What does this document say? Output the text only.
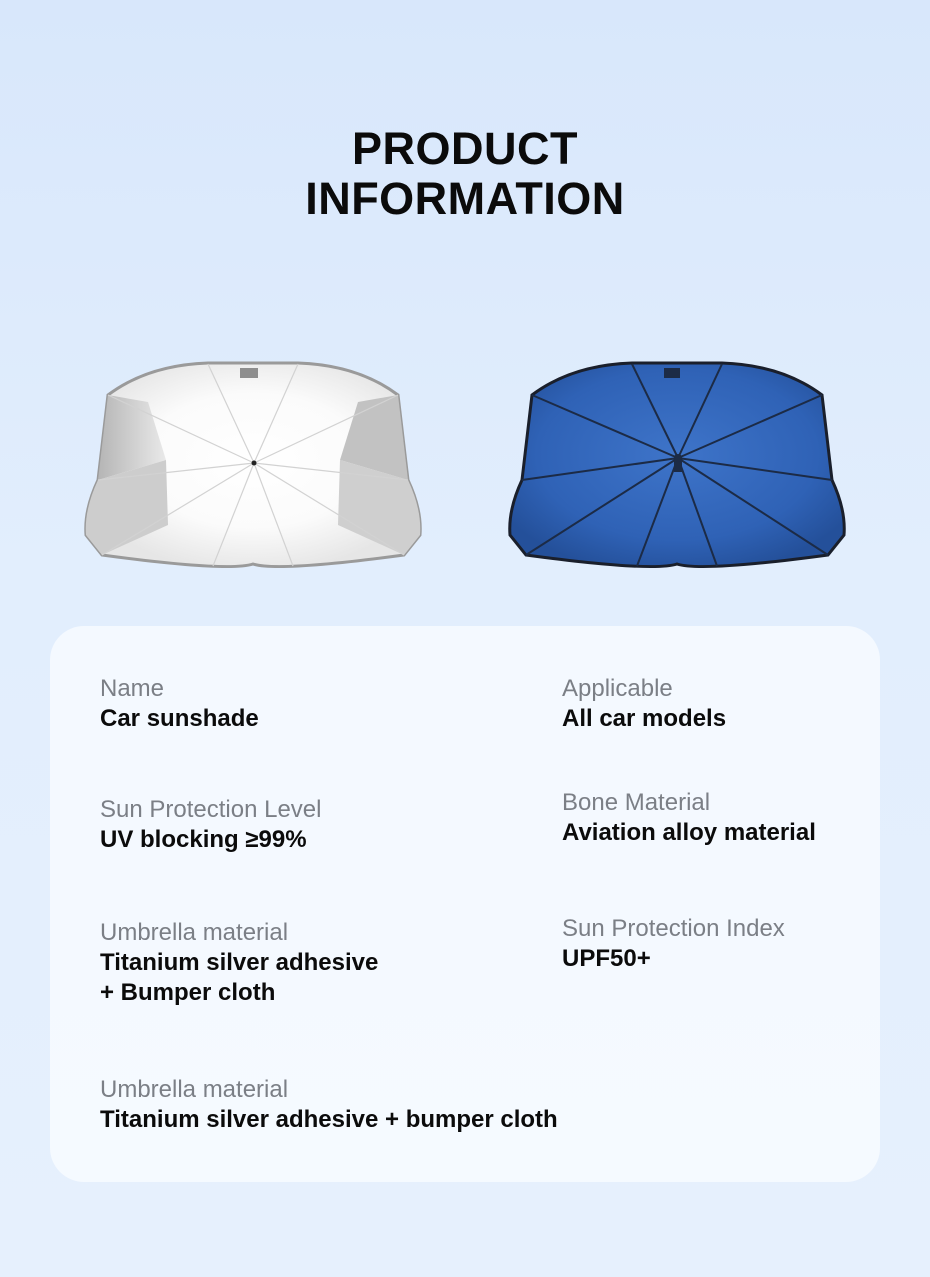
PRODUCT
INFORMATION
Name
Car sunshade
Applicable
All car models
Sun Protection Level
UV blocking ≥99%
Bone Material
Aviation alloy material
Umbrella material
Titanium silver adhesive
+ Bumper cloth
Sun Protection Index
UPF50+
Umbrella material
Titanium silver adhesive + bumper cloth
